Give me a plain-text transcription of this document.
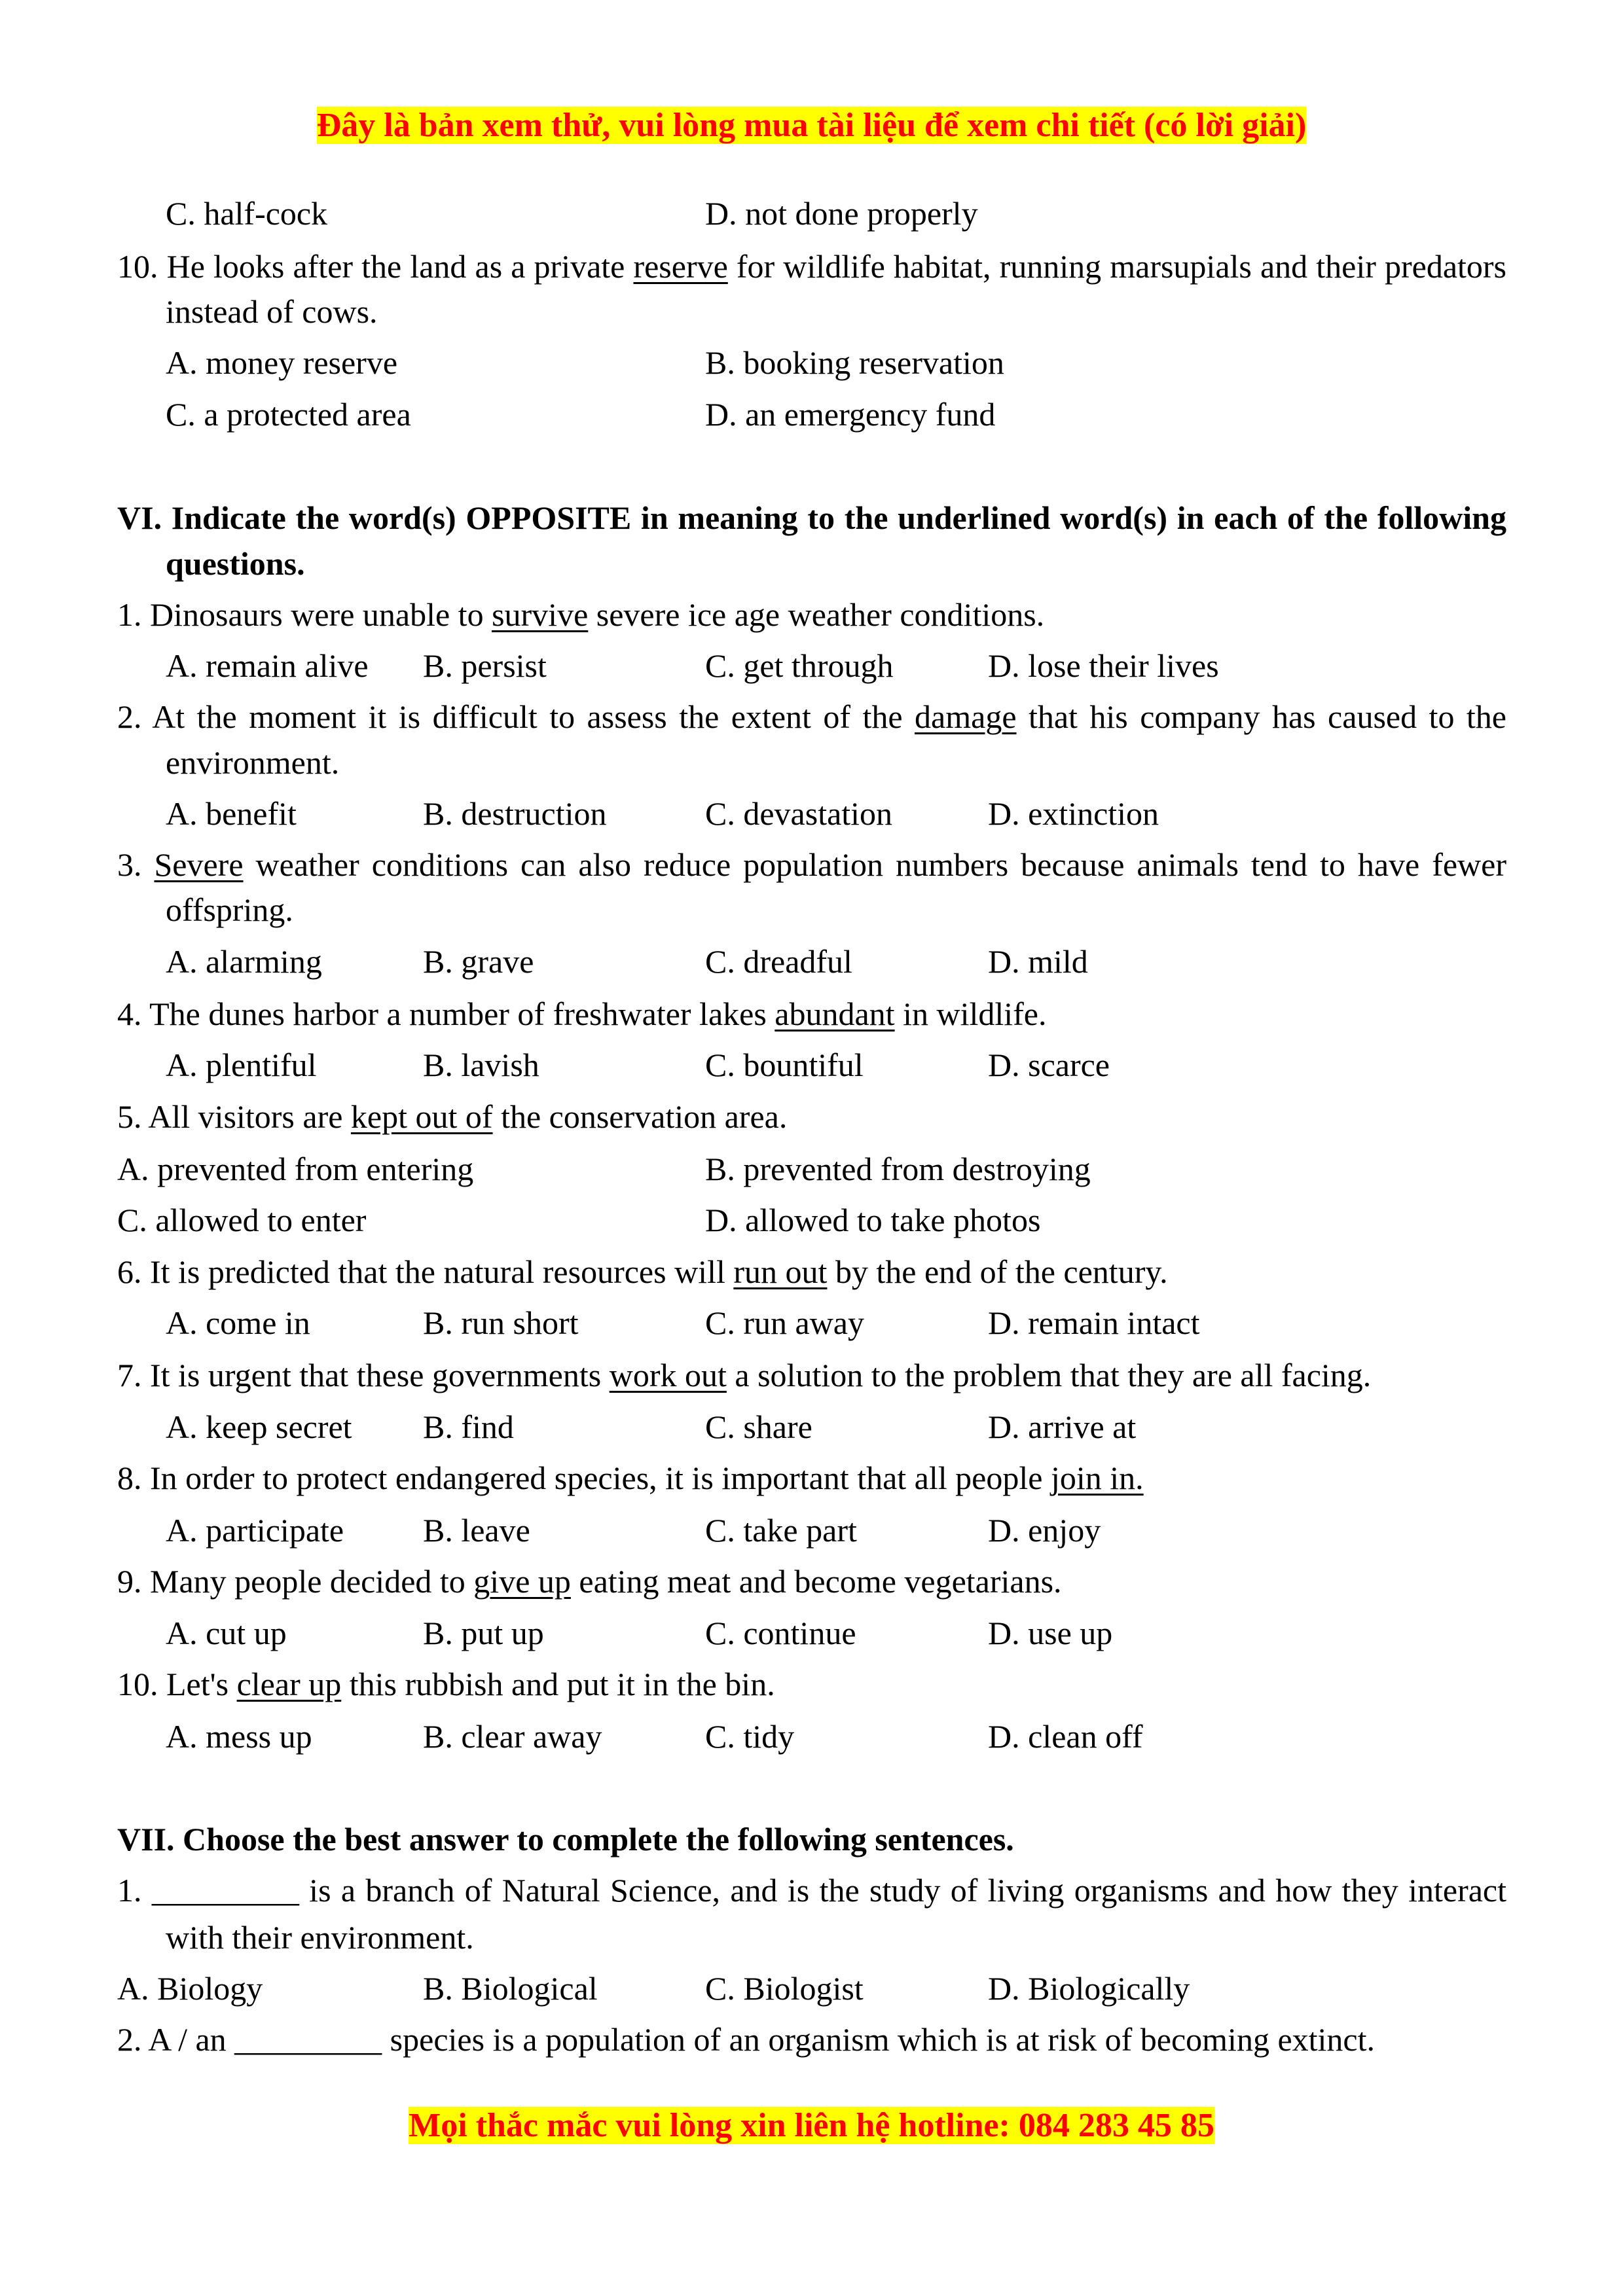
Đây là bản xem thử, vui lòng mua tài liệu để xem chi tiết (có lời giải)
C. half-cock	D. not done properly
10. He looks after the land as a private reserve for wildlife habitat, running marsupials and their predators
instead of cows.
A. money reserve	B. booking reservation
C. a protected area	D. an emergency fund
VI. Indicate the word(s) OPPOSITE in meaning to the underlined word(s) in each of the following
questions.
1. Dinosaurs were unable to survive severe ice age weather conditions.
A. remain alive B. persist	C. get through	D. lose their lives
2. At the moment it is difficult to assess the extent of the damage that his company has caused to the
environment.
A. benefit	B. destruction	C. devastation	D. extinction
3. Severe weather conditions can also reduce population numbers because animals tend to have fewer
offspring.
A. alarming	B. grave	C. dreadful	D. mild
4. The dunes harbor a number of freshwater lakes abundant in wildlife.
A. plentiful	B. lavish	C. bountiful	D. scarce
5. All visitors are kept out of the conservation area.
A. prevented from entering	B. prevented from destroying
C. allowed to enter	D. allowed to take photos
6. It is predicted that the natural resources will run out by the end of the century.
A. come in	B. run short	C. run away	D. remain intact
7. It is urgent that these governments work out a solution to the problem that they are all facing.
A. keep secret B. find	C. share	D. arrive at
8. In order to protect endangered species, it is important that all people join in.
A. participate B. leave	C. take part	D. enjoy
9. Many people decided to give up eating meat and become vegetarians.
A. cut up	B. put up	C. continue	D. use up
10. Let's clear up this rubbish and put it in the bin.
A. mess up	B. clear away	C. tidy	D. clean off
VII. Choose the best answer to complete the following sentences.
1. _________ is a branch of Natural Science, and is the study of living organisms and how they interact
with their environment.
A. Biology	B. Biological	C. Biologist	D. Biologically
2. A / an _________ species is a population of an organism which is at risk of becoming extinct.
Mọi thắc mắc vui lòng xin liên hệ hotline: 084 283 45 85
